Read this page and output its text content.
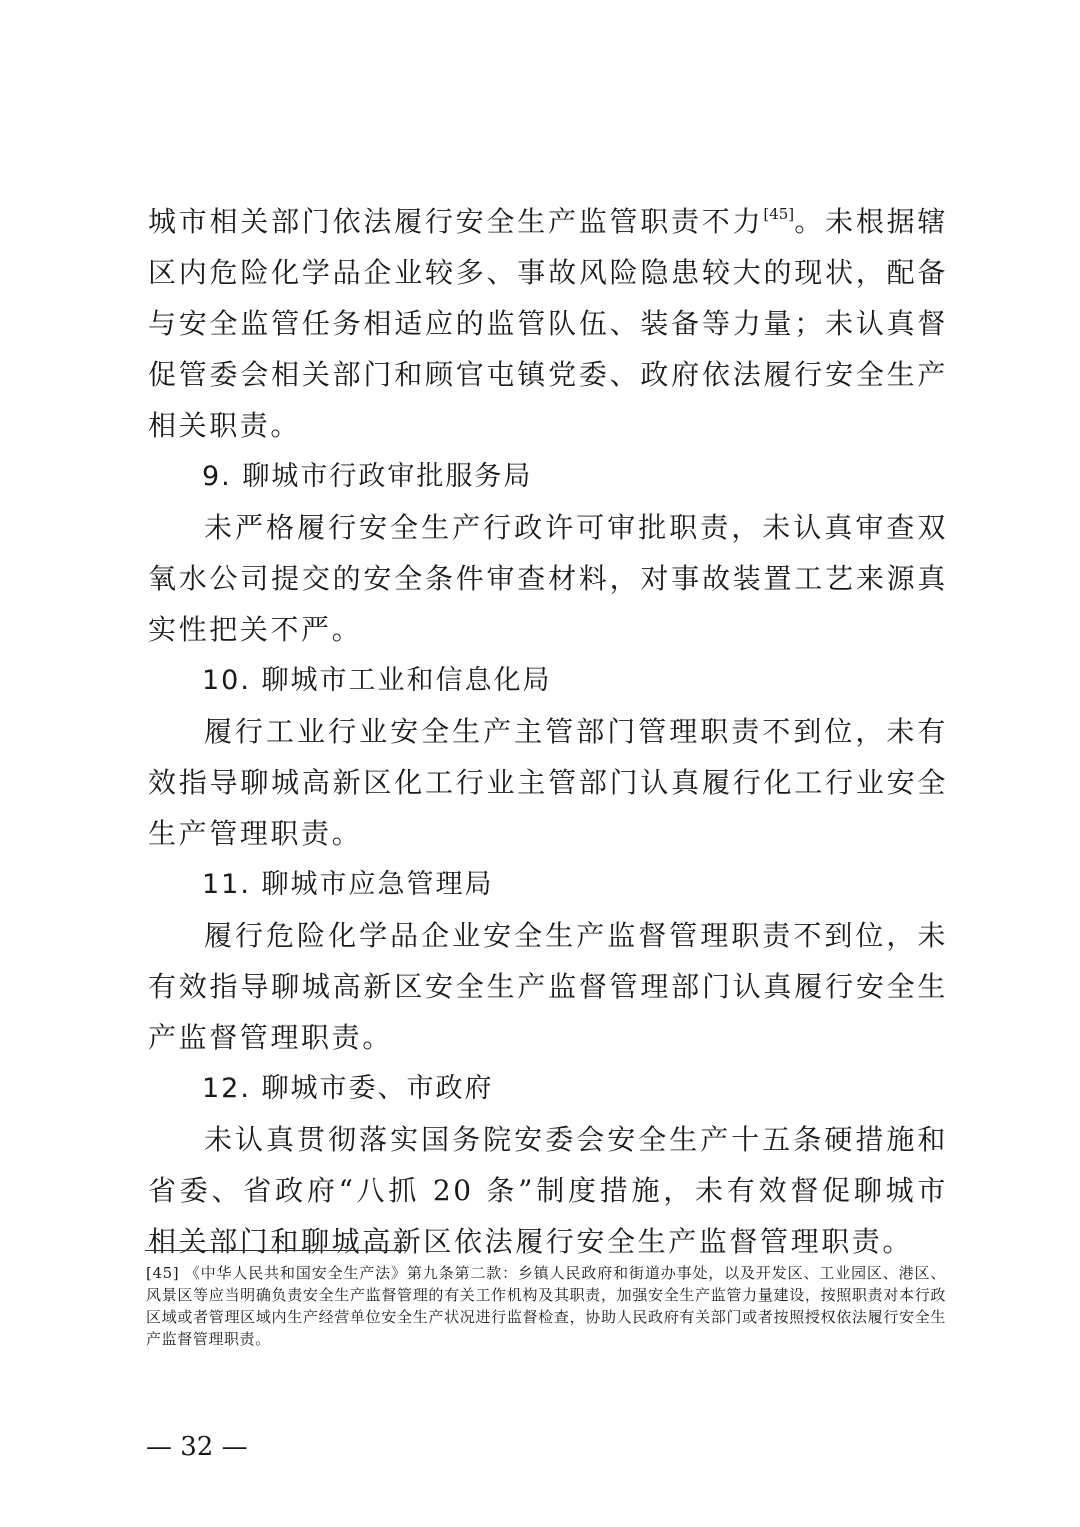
城市相关部门依法履行安全生产监管职责不力[45]。未根据辖区内危险化学品企业较多、事故风险隐患较大的现状，配备与安全监管任务相适应的监管队伍、装备等力量；未认真督促管委会相关部门和顾官屯镇党委、政府依法履行安全生产相关职责。

9. 聊城市行政审批服务局

未严格履行安全生产行政许可审批职责，未认真审查双氧水公司提交的安全条件审查材料，对事故装置工艺来源真实性把关不严。

10. 聊城市工业和信息化局

履行工业行业安全生产主管部门管理职责不到位，未有效指导聊城高新区化工行业主管部门认真履行化工行业安全生产管理职责。

11. 聊城市应急管理局

履行危险化学品企业安全生产监督管理职责不到位，未有效指导聊城高新区安全生产监督管理部门认真履行安全生产监督管理职责。

12. 聊城市委、市政府

未认真贯彻落实国务院安委会安全生产十五条硬措施和省委、省政府“八抓 20 条”制度措施，未有效督促聊城市相关部门和聊城高新区依法履行安全生产监督管理职责。

[45] 《中华人民共和国安全生产法》第九条第二款：乡镇人民政府和街道办事处，以及开发区、工业园区、港区、风景区等应当明确负责安全生产监督管理的有关工作机构及其职责，加强安全生产监管力量建设，按照职责对本行政区域或者管理区域内生产经营单位安全生产状况进行监督检查，协助人民政府有关部门或者按照授权依法履行安全生产监督管理职责。

— 32 —
